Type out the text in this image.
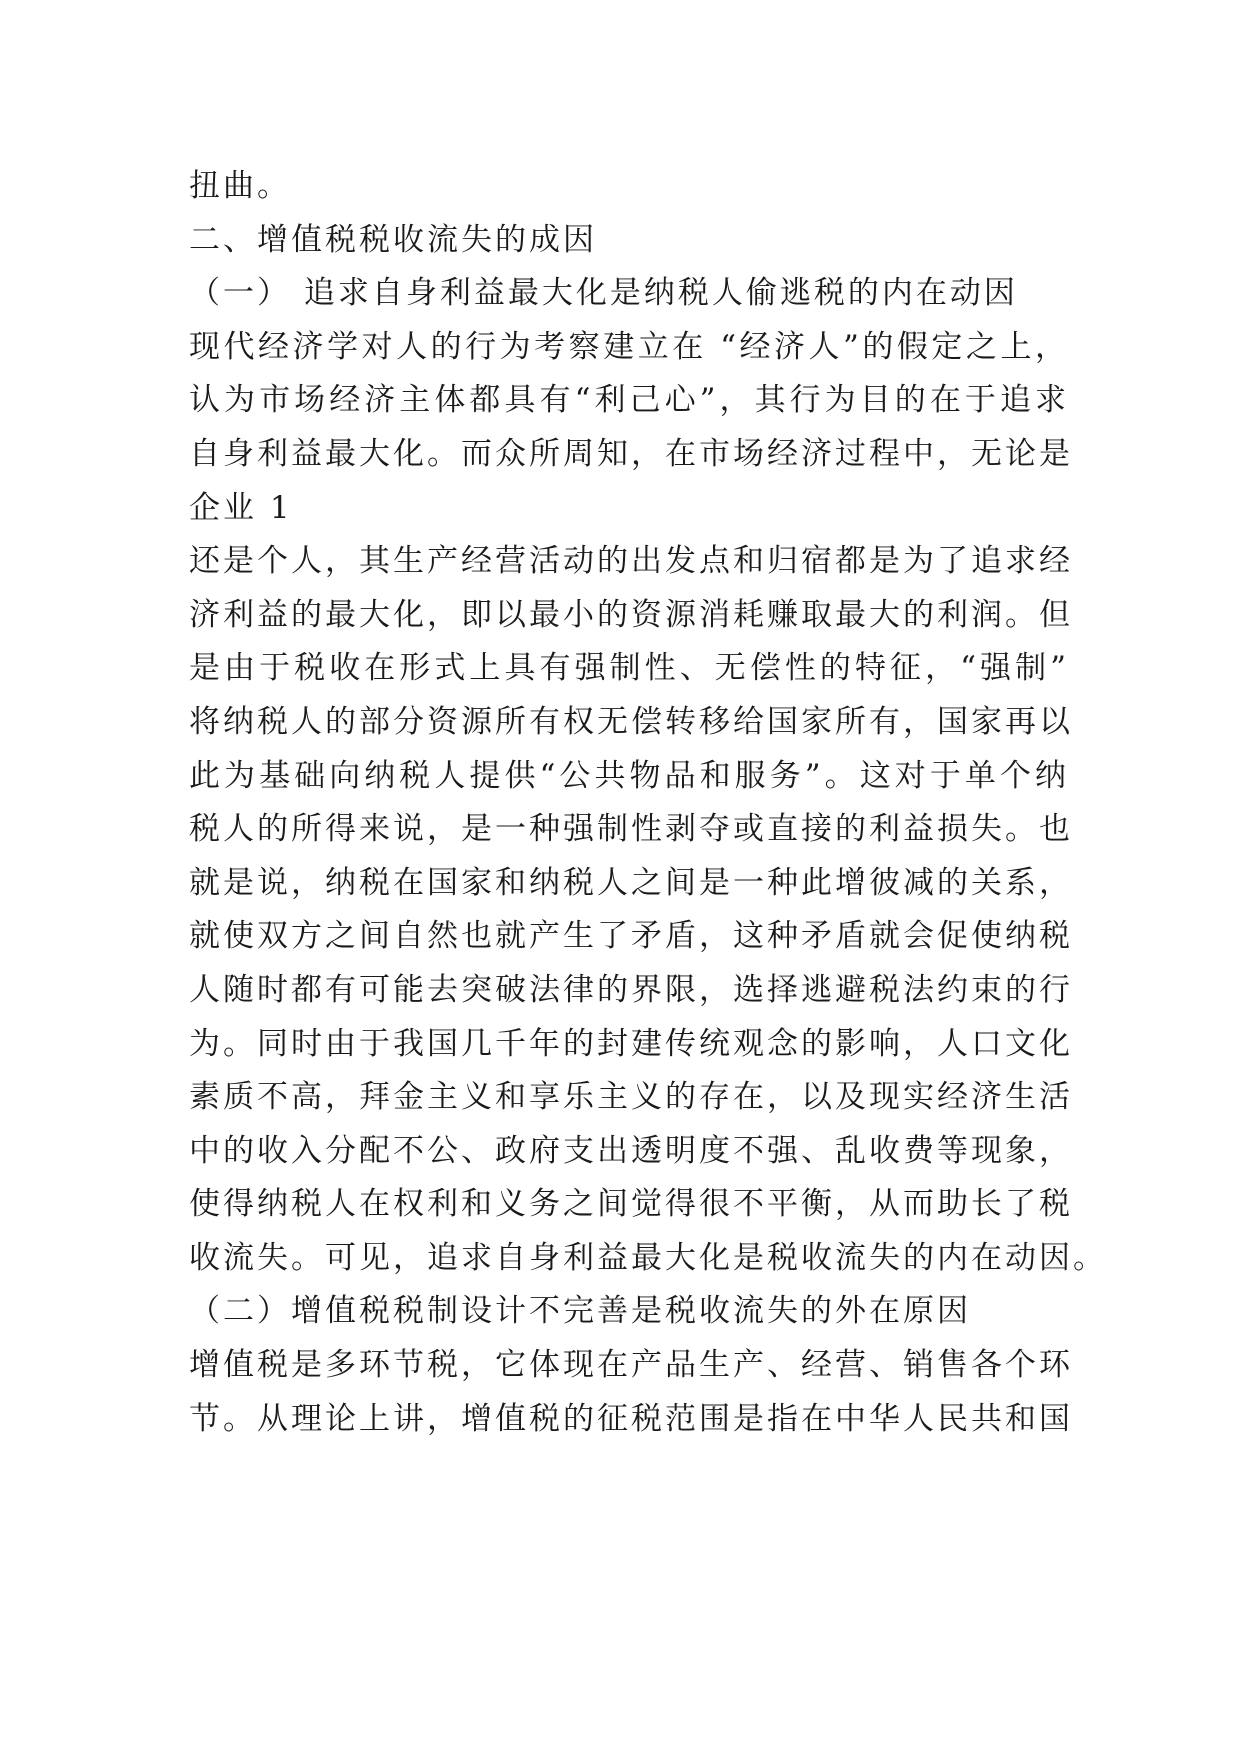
扭曲。
二、增值税税收流失的成因
（一） 追求自身利益最大化是纳税人偷逃税的内在动因
现代经济学对人的行为考察建立在 “经济人”的假定之上，
认为市场经济主体都具有“利己心”，其行为目的在于追求
自身利益最大化。而众所周知，在市场经济过程中，无论是
企业 1
还是个人，其生产经营活动的出发点和归宿都是为了追求经
济利益的最大化，即以最小的资源消耗赚取最大的利润。但
是由于税收在形式上具有强制性、无偿性的特征，“强制”
将纳税人的部分资源所有权无偿转移给国家所有，国家再以
此为基础向纳税人提供“公共物品和服务”。这对于单个纳
税人的所得来说，是一种强制性剥夺或直接的利益损失。也
就是说，纳税在国家和纳税人之间是一种此增彼减的关系，
就使双方之间自然也就产生了矛盾，这种矛盾就会促使纳税
人随时都有可能去突破法律的界限，选择逃避税法约束的行
为。同时由于我国几千年的封建传统观念的影响，人口文化
素质不高，拜金主义和享乐主义的存在，以及现实经济生活
中的收入分配不公、政府支出透明度不强、乱收费等现象，
使得纳税人在权利和义务之间觉得很不平衡，从而助长了税
收流失。可见，追求自身利益最大化是税收流失的内在动因。
（二）增值税税制设计不完善是税收流失的外在原因
增值税是多环节税，它体现在产品生产、经营、销售各个环
节。从理论上讲，增值税的征税范围是指在中华人民共和国
